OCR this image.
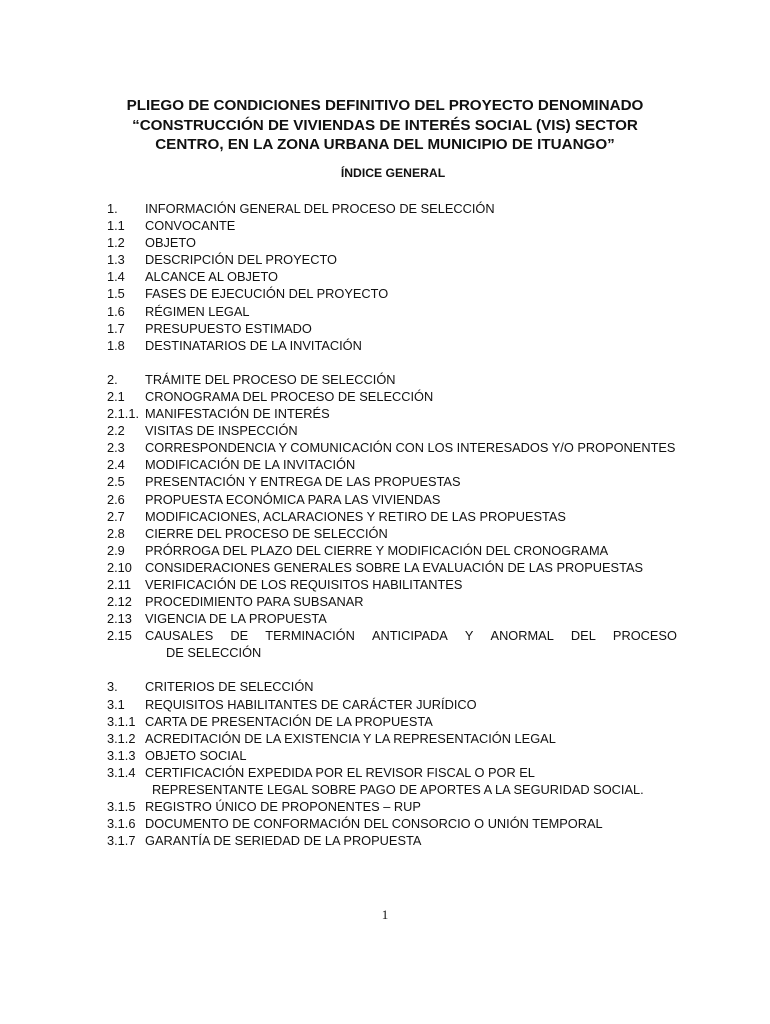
PLIEGO DE CONDICIONES DEFINITIVO DEL PROYECTO DENOMINADO
“CONSTRUCCIÓN DE VIVIENDAS DE INTERÉS SOCIAL (VIS) SECTOR
CENTRO, EN LA ZONA URBANA DEL MUNICIPIO DE ITUANGO”
ÍNDICE GENERAL
1.	INFORMACIÓN GENERAL DEL PROCESO DE SELECCIÓN
1.1	CONVOCANTE
1.2	OBJETO
1.3	DESCRIPCIÓN DEL PROYECTO
1.4	ALCANCE AL OBJETO
1.5	FASES DE EJECUCIÓN DEL PROYECTO
1.6	RÉGIMEN LEGAL
1.7	PRESUPUESTO ESTIMADO
1.8	DESTINATARIOS DE LA INVITACIÓN
2.	TRÁMITE DEL PROCESO DE SELECCIÓN
2.1	CRONOGRAMA DEL PROCESO DE SELECCIÓN
2.1.1. MANIFESTACIÓN DE INTERÉS
2.2	VISITAS DE INSPECCIÓN
2.3	CORRESPONDENCIA Y COMUNICACIÓN CON LOS INTERESADOS Y/O PROPONENTES
2.4	MODIFICACIÓN DE LA INVITACIÓN
2.5	PRESENTACIÓN Y ENTREGA DE LAS PROPUESTAS
2.6	PROPUESTA ECONÓMICA PARA LAS VIVIENDAS
2.7	MODIFICACIONES, ACLARACIONES Y RETIRO DE LAS PROPUESTAS
2.8	CIERRE DEL PROCESO DE SELECCIÓN
2.9	PRÓRROGA DEL PLAZO DEL CIERRE Y MODIFICACIÓN DEL CRONOGRAMA
2.10	CONSIDERACIONES GENERALES SOBRE LA EVALUACIÓN DE LAS PROPUESTAS
2.11	VERIFICACIÓN DE LOS REQUISITOS HABILITANTES
2.12	PROCEDIMIENTO PARA SUBSANAR
2.13	VIGENCIA DE LA PROPUESTA
2.15	CAUSALES DE TERMINACIÓN ANTICIPADA Y ANORMAL DEL PROCESO
DE SELECCIÓN
3.	CRITERIOS DE SELECCIÓN
3.1	REQUISITOS HABILITANTES DE CARÁCTER JURÍDICO
3.1.1 CARTA DE PRESENTACIÓN DE LA PROPUESTA
3.1.2 ACREDITACIÓN DE LA EXISTENCIA Y LA REPRESENTACIÓN LEGAL
3.1.3 OBJETO SOCIAL
3.1.4 CERTIFICACIÓN EXPEDIDA POR EL REVISOR FISCAL O POR EL
REPRESENTANTE LEGAL SOBRE PAGO DE APORTES A LA SEGURIDAD SOCIAL.
3.1.5 REGISTRO ÚNICO DE PROPONENTES – RUP
3.1.6 DOCUMENTO DE CONFORMACIÓN DEL CONSORCIO O UNIÓN TEMPORAL
3.1.7 GARANTÍA DE SERIEDAD DE LA PROPUESTA
1
